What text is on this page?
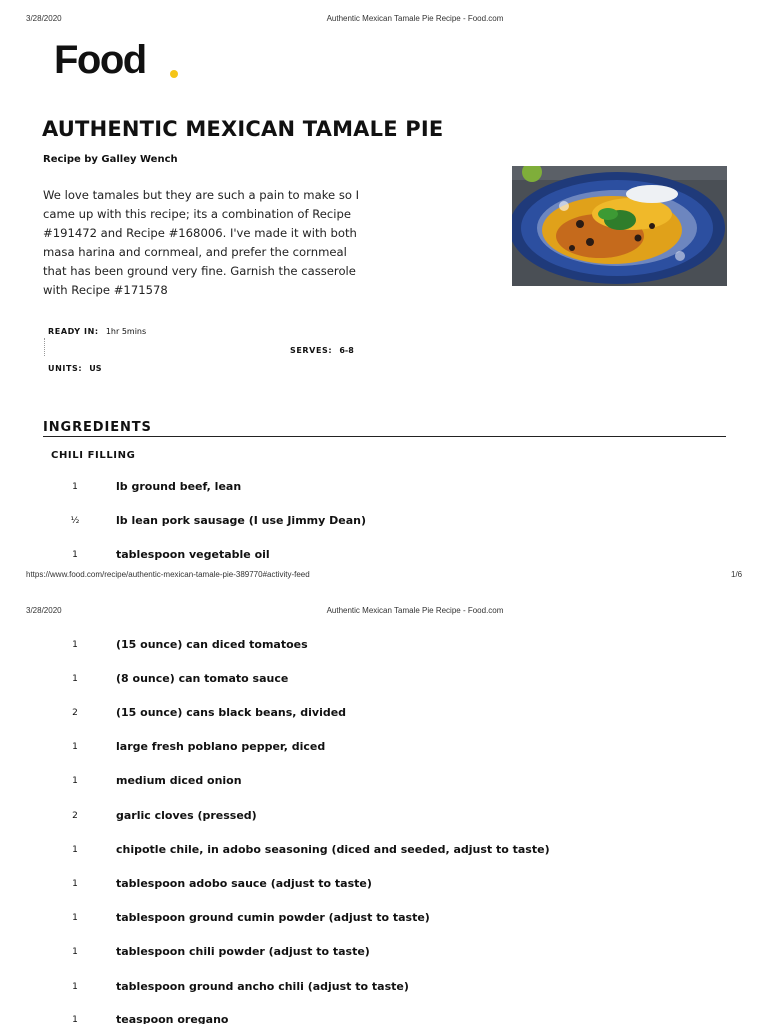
3/28/2020	Authentic Mexican Tamale Pie Recipe - Food.com
Food
AUTHENTIC MEXICAN TAMALE PIE
Recipe by Galley Wench

We love tamales but they are such a pain to make so I came up with this recipe; its a combination of Recipe #191472 and Recipe #168006. I've made it with both masa harina and cornmeal, and prefer the cornmeal that has been ground very fine. Garnish the casserole with Recipe #171578

READY IN: 1hr 5mins
SERVES: 6-8
UNITS: US
INGREDIENTS
CHILI FILLING
1	lb ground beef, lean
½	lb lean pork sausage (I use Jimmy Dean)
1	tablespoon vegetable oil
https://www.food.com/recipe/authentic-mexican-tamale-pie-389770#activity-feed	1/6
3/28/2020	Authentic Mexican Tamale Pie Recipe - Food.com
1	(15 ounce) can diced tomatoes
1	(8 ounce) can tomato sauce
2	(15 ounce) cans black beans, divided
1	large fresh poblano pepper, diced
1	medium diced onion
2	garlic cloves (pressed)
1	chipotle chile, in adobo seasoning (diced and seeded, adjust to taste)
1	tablespoon adobo sauce (adjust to taste)
1	tablespoon ground cumin powder (adjust to taste)
1	tablespoon chili powder (adjust to taste)
1	tablespoon ground ancho chili (adjust to taste)
1	teaspoon oregano
